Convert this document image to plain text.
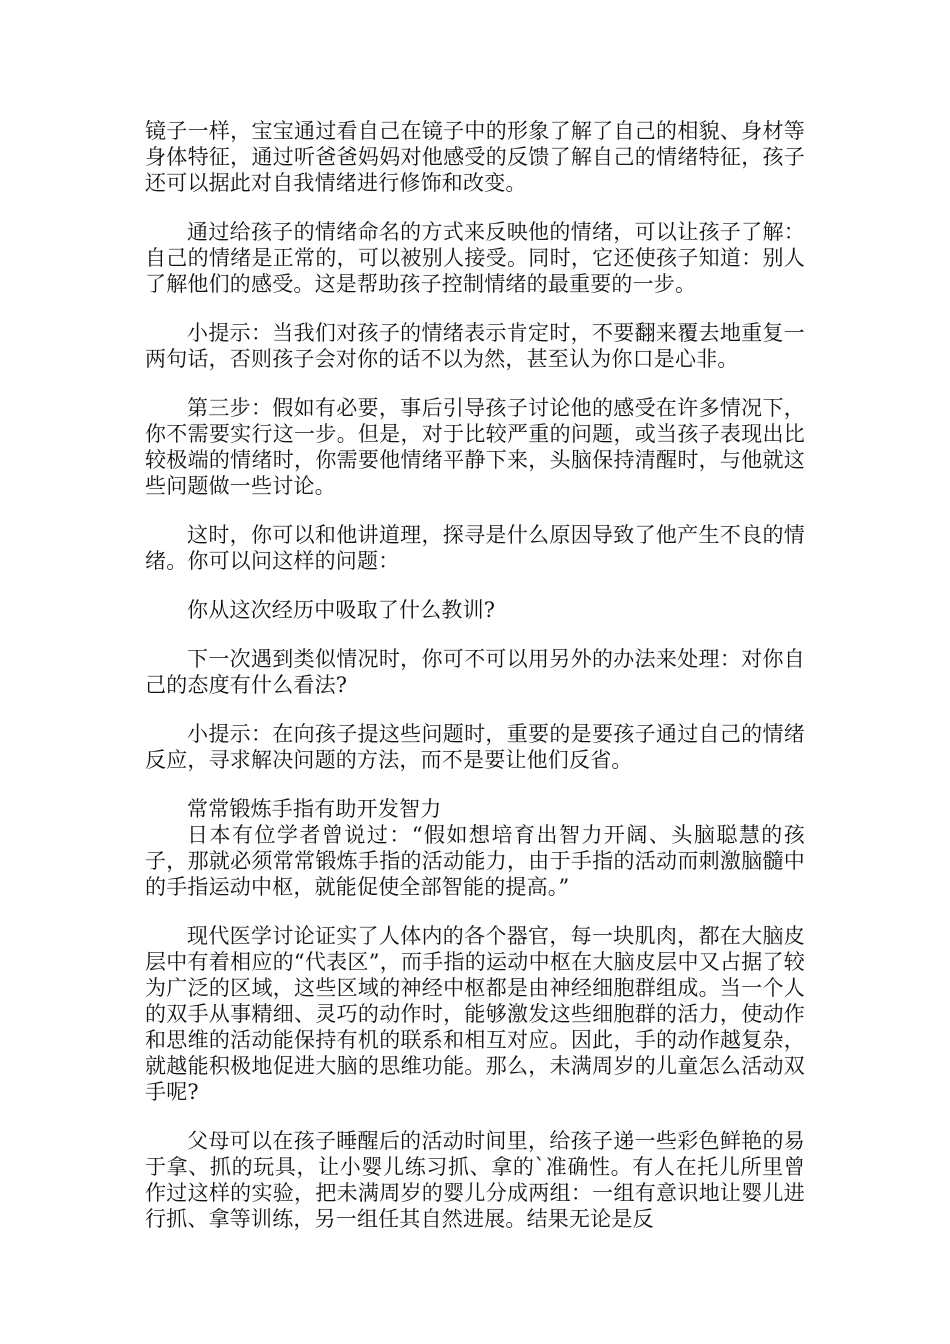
镜子一样，宝宝通过看自己在镜子中的形象了解了自己的相貌、身材等身体特征，通过听爸爸妈妈对他感受的反馈了解自己的情绪特征，孩子还可以据此对自我情绪进行修饰和改变。

通过给孩子的情绪命名的方式来反映他的情绪，可以让孩子了解：自己的情绪是正常的，可以被别人接受。同时，它还使孩子知道：别人了解他们的感受。这是帮助孩子控制情绪的最重要的一步。

小提示：当我们对孩子的情绪表示肯定时，不要翻来覆去地重复一两句话，否则孩子会对你的话不以为然，甚至认为你口是心非。

第三步：假如有必要，事后引导孩子讨论他的感受在许多情况下，你不需要实行这一步。但是，对于比较严重的问题，或当孩子表现出比较极端的情绪时，你需要他情绪平静下来，头脑保持清醒时，与他就这些问题做一些讨论。

这时，你可以和他讲道理，探寻是什么原因导致了他产生不良的情绪。你可以问这样的问题：

你从这次经历中吸取了什么教训?

下一次遇到类似情况时，你可不可以用另外的办法来处理：对你自己的态度有什么看法?

小提示：在向孩子提这些问题时，重要的是要孩子通过自己的情绪反应，寻求解决问题的方法，而不是要让他们反省。

常常锻炼手指有助开发智力

日本有位学者曾说过：“假如想培育出智力开阔、头脑聪慧的孩子，那就必须常常锻炼手指的活动能力，由于手指的活动而刺激脑髓中的手指运动中枢，就能促使全部智能的提高。”

现代医学讨论证实了人体内的各个器官，每一块肌肉，都在大脑皮层中有着相应的“代表区”，而手指的运动中枢在大脑皮层中又占据了较为广泛的区域，这些区域的神经中枢都是由神经细胞群组成。当一个人的双手从事精细、灵巧的动作时，能够激发这些细胞群的活力，使动作和思维的活动能保持有机的联系和相互对应。因此，手的动作越复杂，就越能积极地促进大脑的思维功能。那么，未满周岁的儿童怎么活动双手呢?

父母可以在孩子睡醒后的活动时间里，给孩子递一些彩色鲜艳的易于拿、抓的玩具，让小婴儿练习抓、拿的`准确性。有人在托儿所里曾作过这样的实验，把未满周岁的婴儿分成两组：一组有意识地让婴儿进行抓、拿等训练，另一组任其自然进展。结果无论是反
